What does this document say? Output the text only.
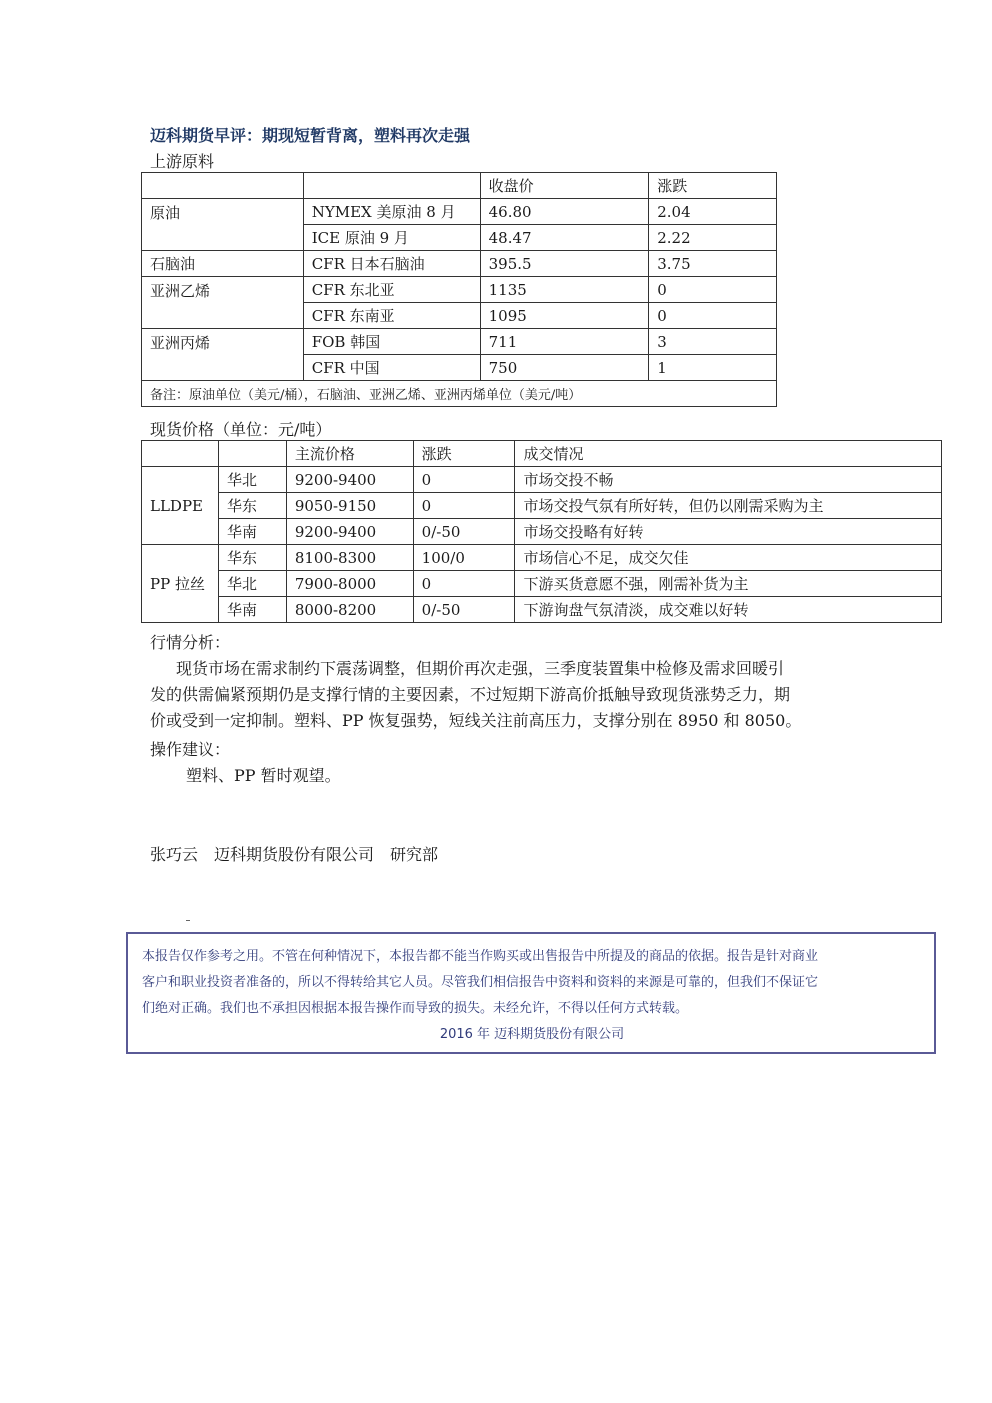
迈科期货早评：期现短暂背离，塑料再次走强
上游原料
		收盘价	涨跌
原油	NYMEX 美原油 8 月	46.80	2.04
	ICE 原油 9 月	48.47	2.22
石脑油	CFR 日本石脑油	395.5	3.75
亚洲乙烯	CFR 东北亚	1135	0
	CFR 东南亚	1095	0
亚洲丙烯	FOB 韩国	711	3
	CFR 中国	750	1
备注：原油单位（美元/桶），石脑油、亚洲乙烯、亚洲丙烯单位（美元/吨）			
现货价格（单位：元/吨）
		主流价格	涨跌	成交情况
LLDPE	华北	9200-9400	0	市场交投不畅
	华东	9050-9150	0	市场交投气氛有所好转，但仍以刚需采购为主
	华南	9200-9400	0/-50	市场交投略有好转
PP 拉丝	华东	8100-8300	100/0	市场信心不足，成交欠佳
	华北	7900-8000	0	下游买货意愿不强，刚需补货为主
	华南	8000-8200	0/-50	下游询盘气氛清淡，成交难以好转
行情分析：
现货市场在需求制约下震荡调整，但期价再次走强，三季度装置集中检修及需求回暖引
发的供需偏紧预期仍是支撑行情的主要因素，不过短期下游高价抵触导致现货涨势乏力，期
价或受到一定抑制。塑料、PP 恢复强势，短线关注前高压力，支撑分别在 8950 和 8050。
操作建议：
塑料、PP 暂时观望。
张巧云　迈科期货股份有限公司　研究部
本报告仅作参考之用。不管在何种情况下，本报告都不能当作购买或出售报告中所提及的商品的依据。报告是针对商业
客户和职业投资者准备的，所以不得转给其它人员。尽管我们相信报告中资料和资料的来源是可靠的，但我们不保证它
们绝对正确。我们也不承担因根据本报告操作而导致的损失。未经允许，不得以任何方式转载。
2016 年 迈科期货股份有限公司
